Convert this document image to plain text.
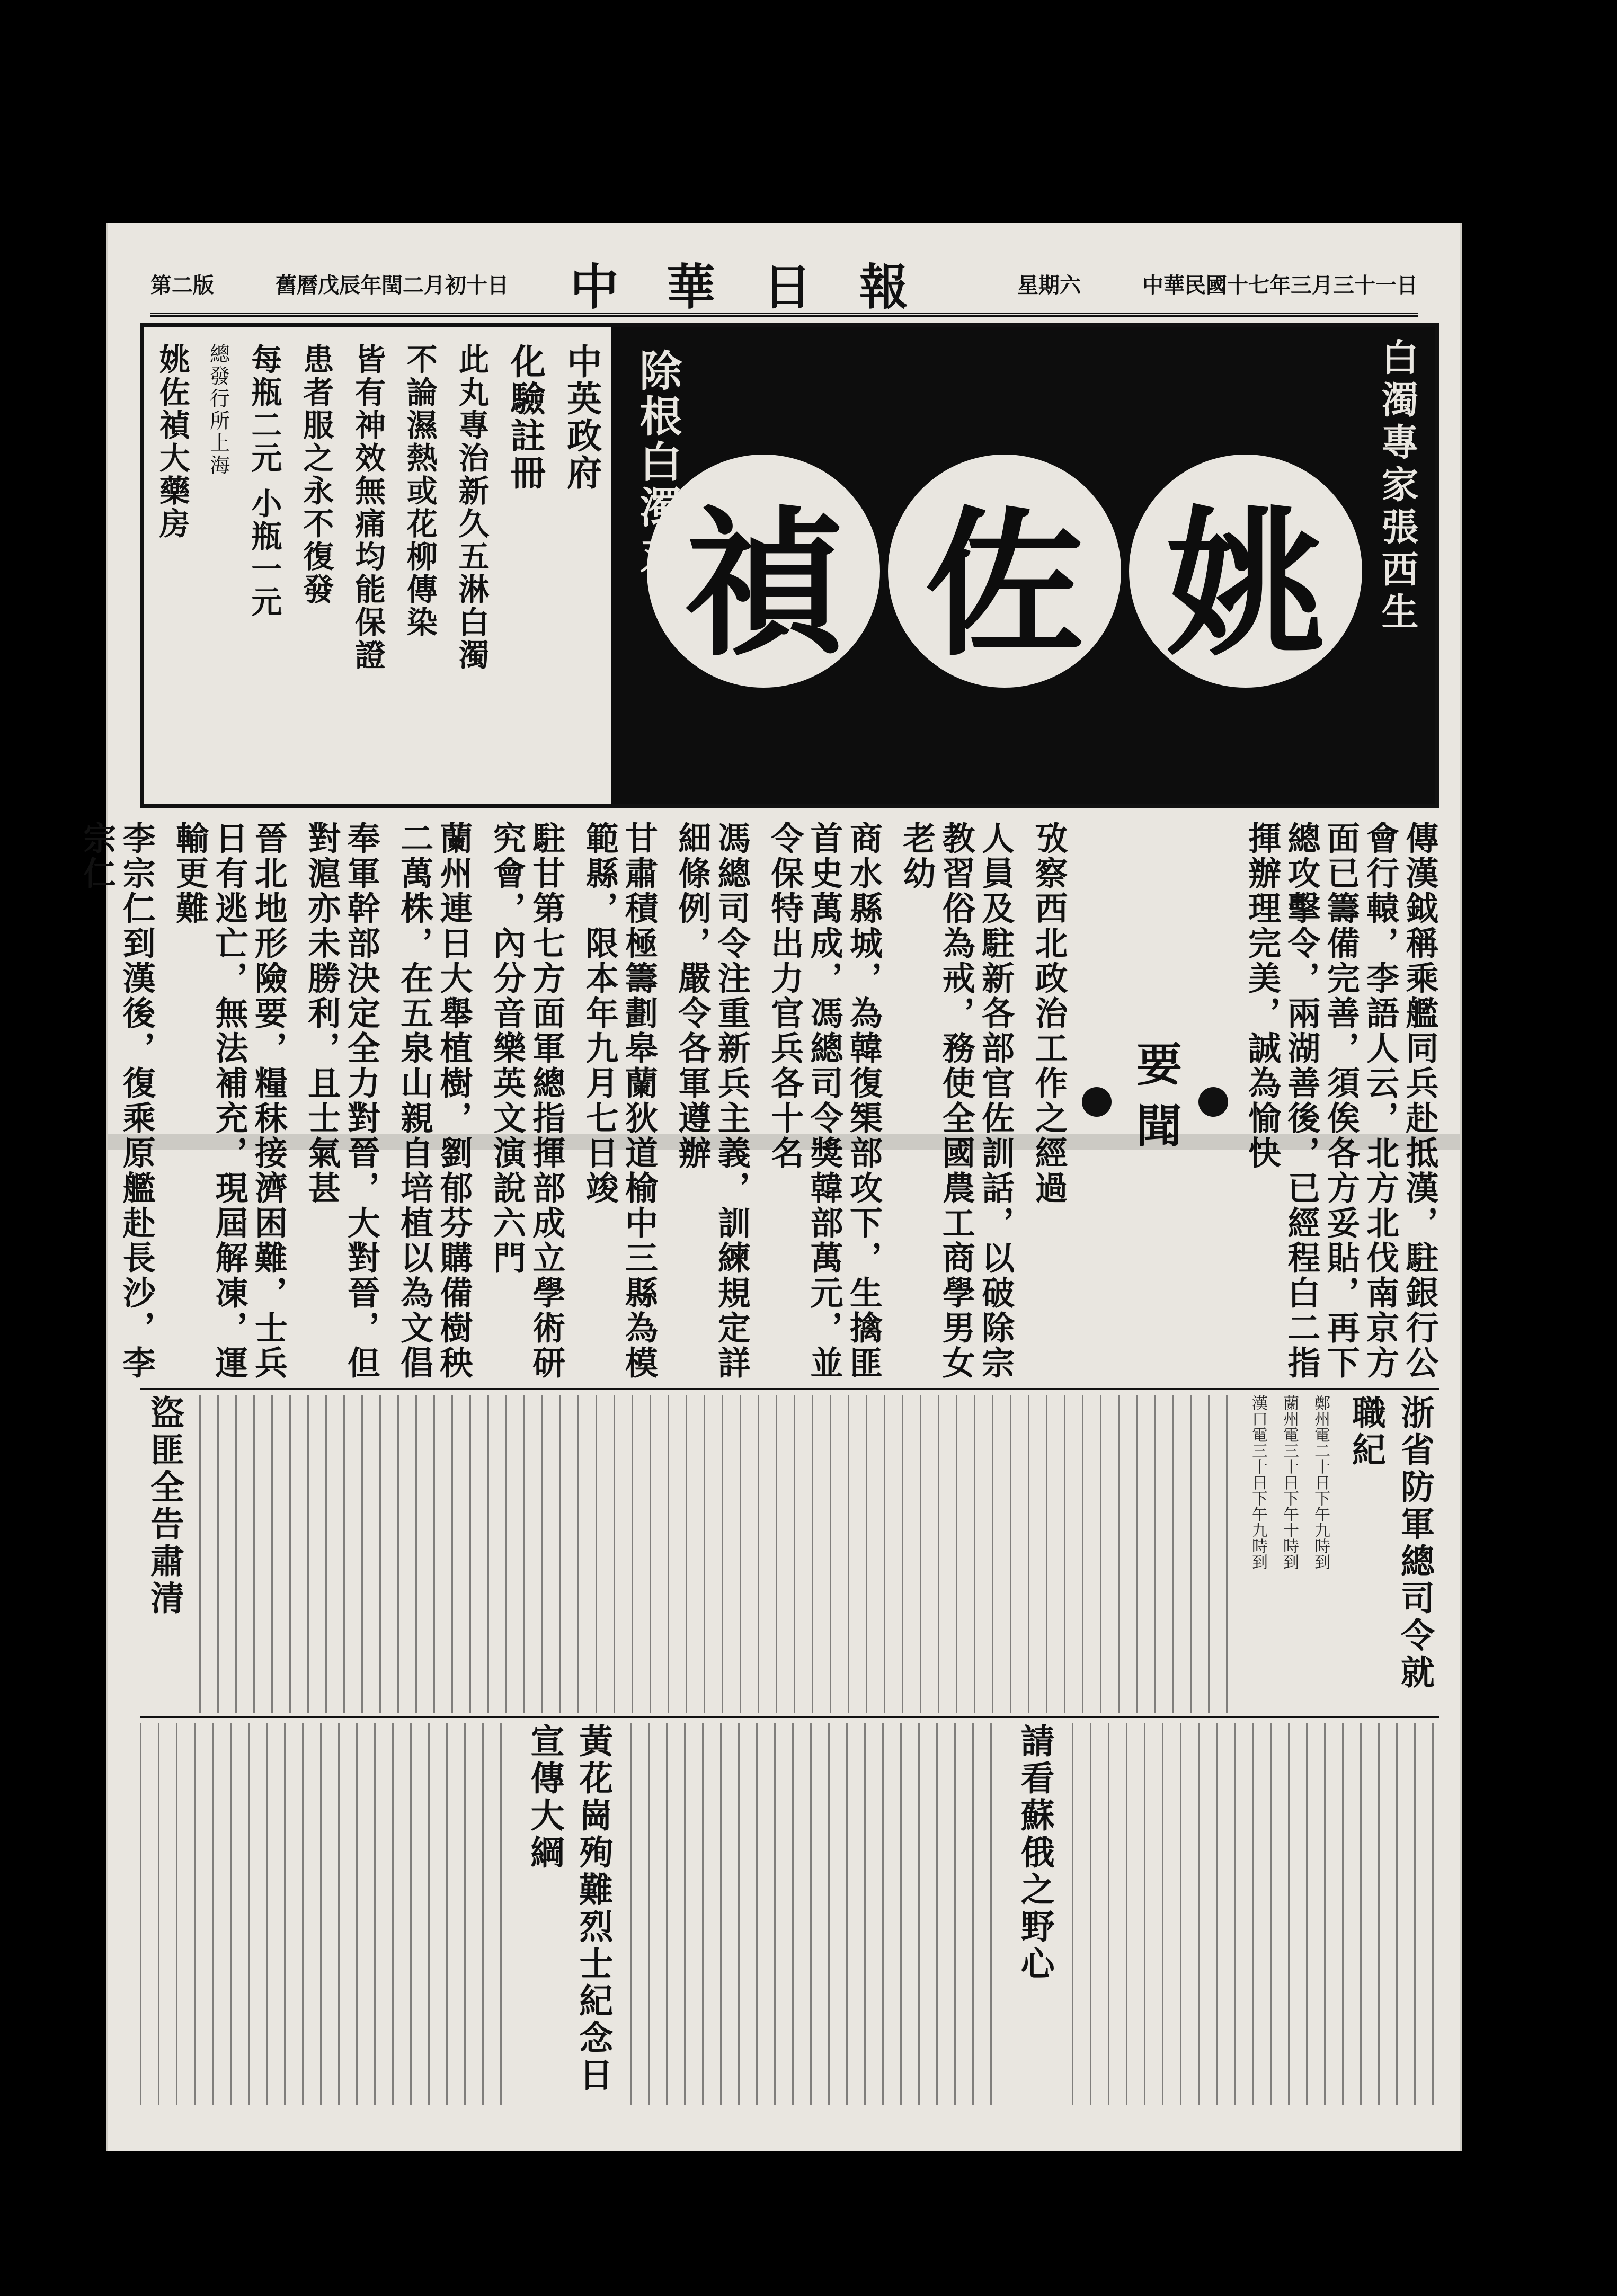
第二版	舊曆戊辰年閏二月初十日 中華日報	星期六	中華民國十七年三月三十一日
白濁專家張西生
姚
佐
禎
除根白濁丸
中英政府
化驗註冊
此丸專治新久五淋白濁
不論濕熱或花柳傳染
皆有神效無痛均能保證
患者服之永不復發
每瓶二元 小瓶一元
總發行所上海
姚佐禎大藥房
傳漢鉞稱乘艦同兵赴抵漢，駐銀行公會行轅，李語人云，北方北伐南京方面已籌備完善，須俟各方妥貼，再下總攻擊令，兩湖善後，已經程白二指揮辦理完美，誠為愉快
要聞
攷察西北政治工作之經過
人員及駐新各部官佐訓話，以破除宗教習俗為戒，務使全國農工商學男女老幼
商水縣城，為韓復榘部攻下，生擒匪首史萬成，馮總司令獎韓部萬元，並令保特出力官兵各十名
馮總司令注重新兵主義，訓練規定詳細條例，嚴令各軍遵辦
甘肅積極籌劃皋蘭狄道榆中三縣為模範縣，限本年九月七日竣
駐甘第七方面軍總指揮部成立學術研究會，內分音樂英文演說六門
蘭州連日大舉植樹，劉郁芬購備樹秧二萬株，在五泉山親自培植以為文倡
奉軍幹部決定全力對晉，大對晉，但對滬亦未勝利，且士氣甚
晉北地形險要，糧秣接濟困難，士兵日有逃亡，無法補充，現屆解凍，運輸更難
李宗仁到漢後，復乘原艦赴長沙，李宗仁
浙省防軍總司令就職紀
鄭州電二十日下午九時到
蘭州電三十日下午十時到
漢口電三十日下午九時到
盜匪全告肅清
請看蘇俄之野心
黃花崗殉難烈士紀念日宣傳大綱
